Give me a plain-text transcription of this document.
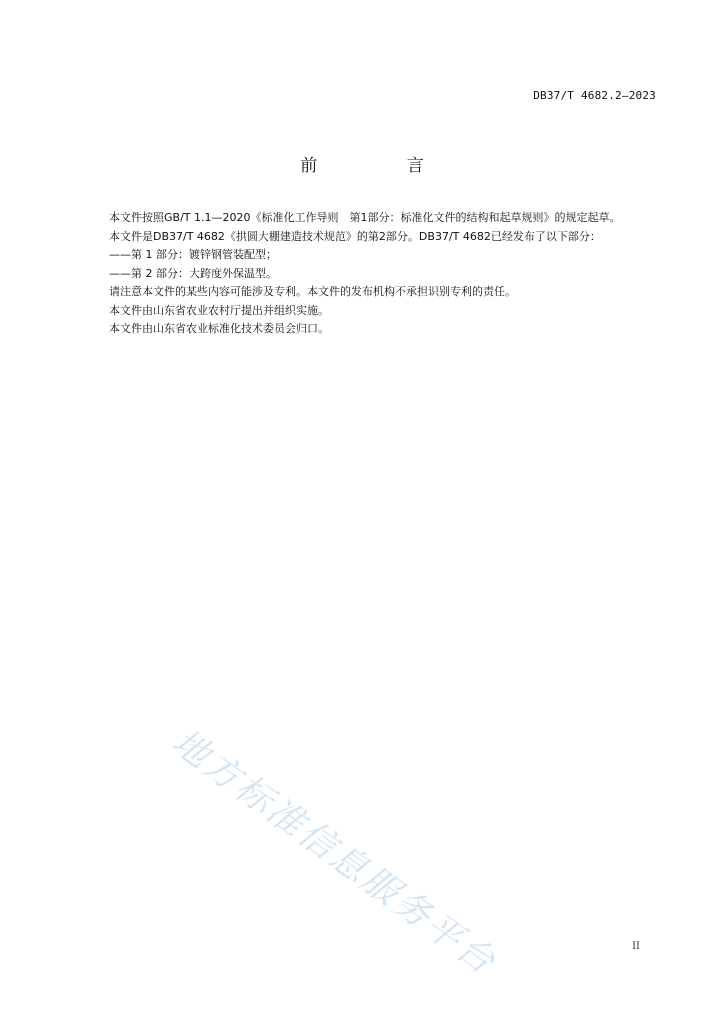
DB37/T 4682.2—2023
前 言

本文件按照GB/T 1.1—2020《标准化工作导则　第1部分：标准化文件的结构和起草规则》的规定起草。

本文件是DB37/T 4682《拱圆大棚建造技术规范》的第2部分。DB37/T 4682已经发布了以下部分：

——第 1 部分：镀锌钢管装配型；

——第 2 部分：大跨度外保温型。

请注意本文件的某些内容可能涉及专利。本文件的发布机构不承担识别专利的责任。

本文件由山东省农业农村厅提出并组织实施。

本文件由山东省农业标准化技术委员会归口。

地方标准信息服务平台	II
